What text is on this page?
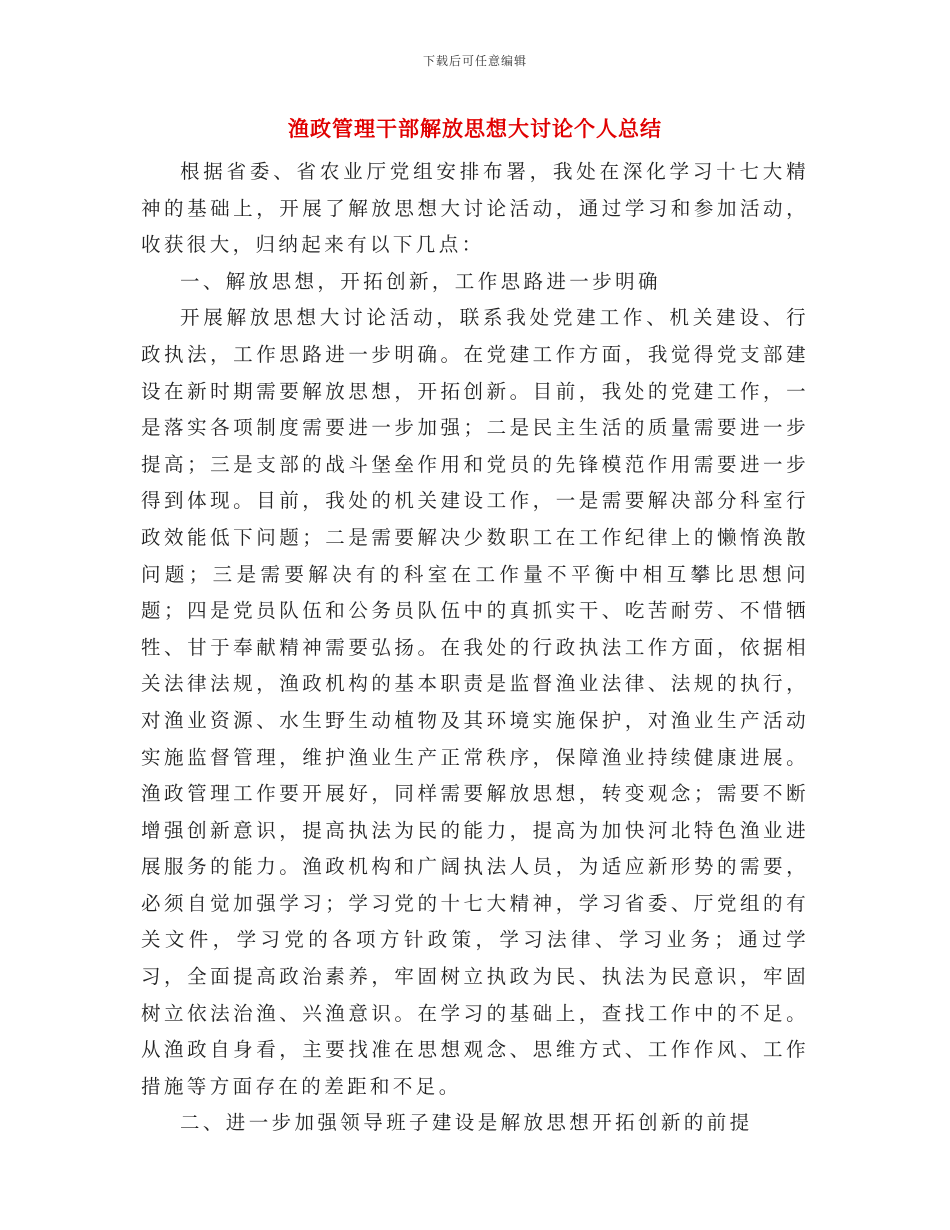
下载后可任意编辑
渔政管理干部解放思想大讨论个人总结

根据省委、省农业厅党组安排布署，我处在深化学习十七大精神的基础上，开展了解放思想大讨论活动，通过学习和参加活动，收获很大，归纳起来有以下几点：

一、解放思想，开拓创新，工作思路进一步明确

开展解放思想大讨论活动，联系我处党建工作、机关建设、行政执法，工作思路进一步明确。在党建工作方面，我觉得党支部建设在新时期需要解放思想，开拓创新。目前，我处的党建工作，一是落实各项制度需要进一步加强；二是民主生活的质量需要进一步提高；三是支部的战斗堡垒作用和党员的先锋模范作用需要进一步得到体现。目前，我处的机关建设工作，一是需要解决部分科室行政效能低下问题；二是需要解决少数职工在工作纪律上的懒惰涣散问题；三是需要解决有的科室在工作量不平衡中相互攀比思想问题；四是党员队伍和公务员队伍中的真抓实干、吃苦耐劳、不惜牺牲、甘于奉献精神需要弘扬。在我处的行政执法工作方面，依据相关法律法规，渔政机构的基本职责是监督渔业法律、法规的执行，对渔业资源、水生野生动植物及其环境实施保护，对渔业生产活动实施监督管理，维护渔业生产正常秩序，保障渔业持续健康进展。渔政管理工作要开展好，同样需要解放思想，转变观念；需要不断增强创新意识，提高执法为民的能力，提高为加快河北特色渔业进展服务的能力。渔政机构和广阔执法人员，为适应新形势的需要，必须自觉加强学习；学习党的十七大精神，学习省委、厅党组的有关文件，学习党的各项方针政策，学习法律、学习业务；通过学习，全面提高政治素养，牢固树立执政为民、执法为民意识，牢固树立依法治渔、兴渔意识。在学习的基础上，查找工作中的不足。从渔政自身看，主要找准在思想观念、思维方式、工作作风、工作措施等方面存在的差距和不足。

二、进一步加强领导班子建设是解放思想开拓创新的前提
